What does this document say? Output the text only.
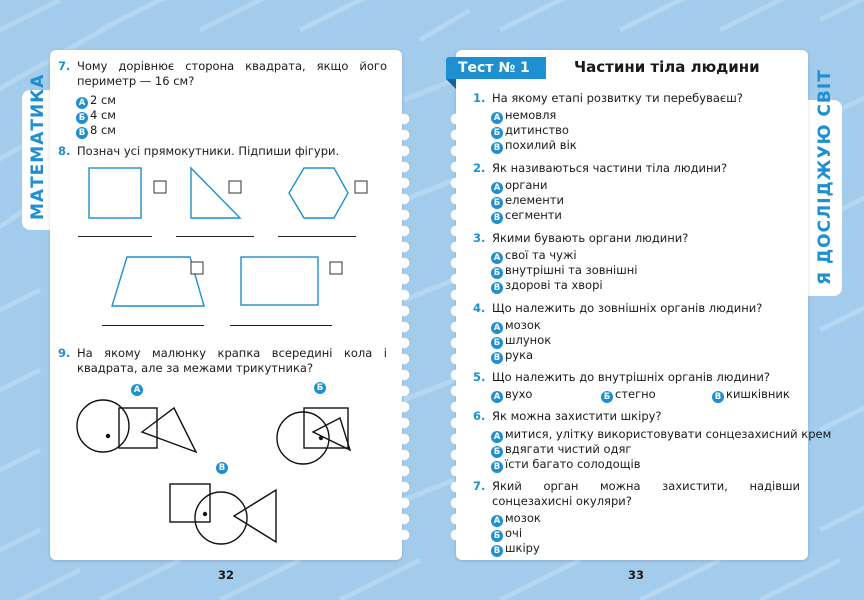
МАТЕМАТИКА
7. Чому дорівнює сторона квадрата, якщо його периметр — 16 см?
А 2 см
Б 4 см
В 8 см
8. Познач усі прямокутники. Підпиши фігури.
9. На якому малюнку крапка всередині кола і квадрата, але за межами трикутника?
А	Б
В
32
Я ДОСЛІДЖУЮ СВІТ
Тест № 1	Частини тіла людини
1. На якому етапі розвитку ти перебуваєш?
А немовля
Б дитинство
В похилий вік
2. Як називаються частини тіла людини?
А органи
Б елементи
В сегменти
3. Якими бувають органи людини?
А свої та чужі
Б внутрішні та зовнішні
В здорові та хворі
4. Що належить до зовнішніх органів людини?
А мозок
Б шлунок
В рука
5. Що належить до внутрішніх органів людини?
А вухо	Б стегно	В кишківник
6. Як можна захистити шкіру?
А митися, улітку використовувати сонцезахисний крем
Б вдягати чистий одяг
В їсти багато солодощів
7. Який орган можна захистити, надівши сонцезахисні окуляри?
А мозок
Б очі
В шкіру
33
